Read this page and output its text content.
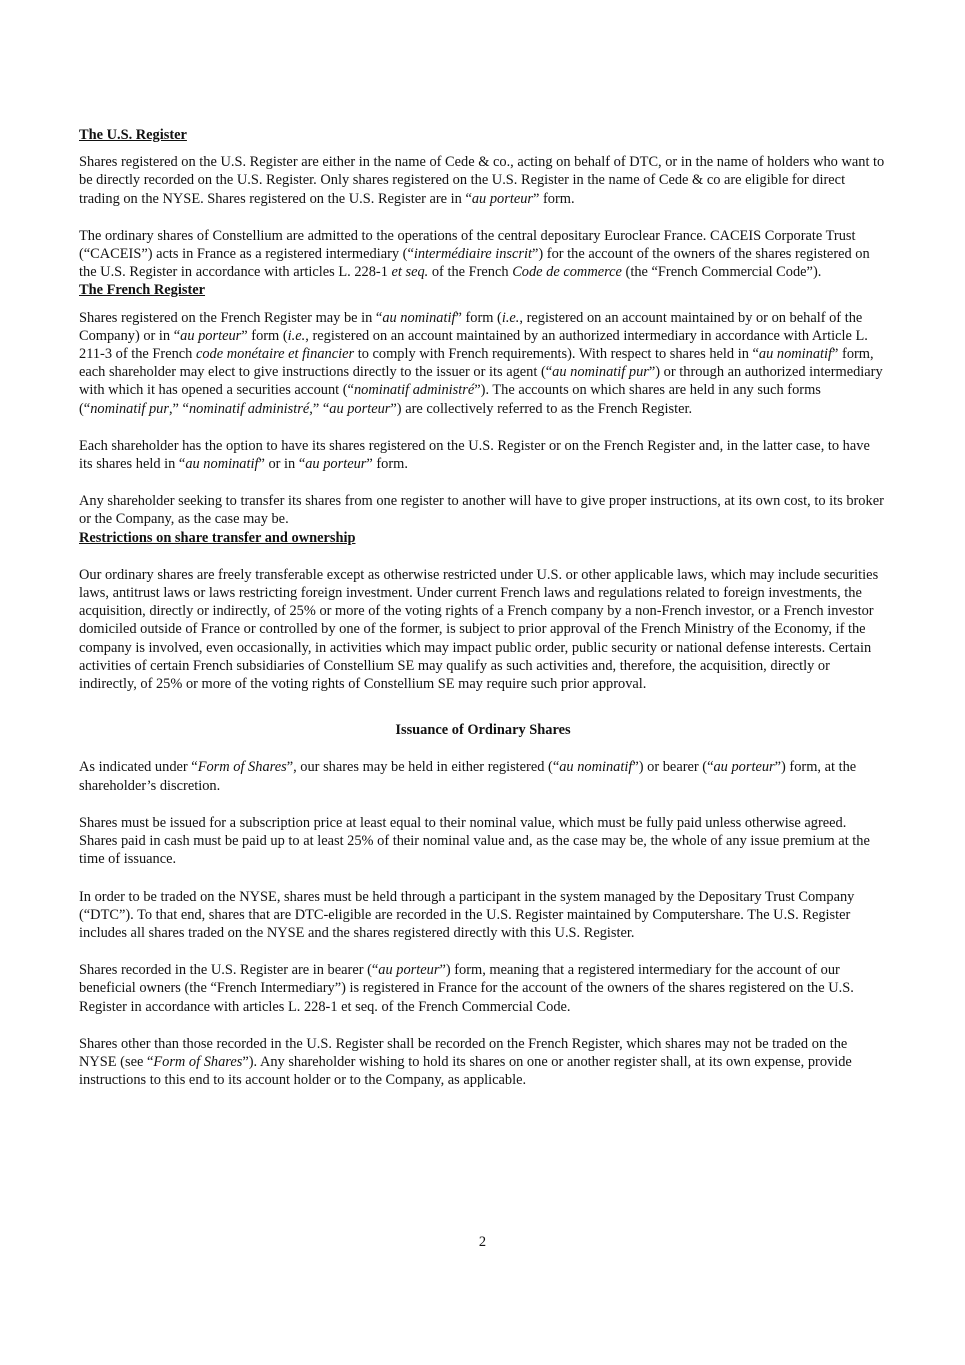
The U.S. Register

Shares registered on the U.S. Register are either in the name of Cede & co., acting on behalf of DTC, or in the name of holders who want to be directly recorded on the U.S. Register. Only shares registered on the U.S. Register in the name of Cede & co are eligible for direct trading on the NYSE. Shares registered on the U.S. Register are in “au porteur” form.

The ordinary shares of Constellium are admitted to the operations of the central depositary Euroclear France. CACEIS Corporate Trust (“CACEIS”) acts in France as a registered intermediary (“intermédiaire inscrit”) for the account of the owners of the shares registered on the U.S. Register in accordance with articles L. 228-1 et seq. of the French Code de commerce (the “French Commercial Code”).

The French Register

Shares registered on the French Register may be in “au nominatif” form (i.e., registered on an account maintained by or on behalf of the Company) or in “au porteur” form (i.e., registered on an account maintained by an authorized intermediary in accordance with Article L. 211-3 of the French code monétaire et financier to comply with French requirements). With respect to shares held in “au nominatif” form, each shareholder may elect to give instructions directly to the issuer or its agent (“au nominatif pur”) or through an authorized intermediary with which it has opened a securities account (“nominatif administré”). The accounts on which shares are held in any such forms (“nominatif pur,” “nominatif administré,” “au porteur”) are collectively referred to as the French Register.

Each shareholder has the option to have its shares registered on the U.S. Register or on the French Register and, in the latter case, to have its shares held in “au nominatif” or in “au porteur” form.

Any shareholder seeking to transfer its shares from one register to another will have to give proper instructions, at its own cost, to its broker or the Company, as the case may be.

Restrictions on share transfer and ownership

Our ordinary shares are freely transferable except as otherwise restricted under U.S. or other applicable laws, which may include securities laws, antitrust laws or laws restricting foreign investment. Under current French laws and regulations related to foreign investments, the acquisition, directly or indirectly, of 25% or more of the voting rights of a French company by a non-French investor, or a French investor domiciled outside of France or controlled by one of the former, is subject to prior approval of the French Ministry of the Economy, if the company is involved, even occasionally, in activities which may impact public order, public security or national defense interests. Certain activities of certain French subsidiaries of Constellium SE may qualify as such activities and, therefore, the acquisition, directly or indirectly, of 25% or more of the voting rights of Constellium SE may require such prior approval.

Issuance of Ordinary Shares

As indicated under “Form of Shares”, our shares may be held in either registered (“au nominatif”) or bearer (“au porteur”) form, at the shareholder’s discretion.

Shares must be issued for a subscription price at least equal to their nominal value, which must be fully paid unless otherwise agreed. Shares paid in cash must be paid up to at least 25% of their nominal value and, as the case may be, the whole of any issue premium at the time of issuance.

In order to be traded on the NYSE, shares must be held through a participant in the system managed by the Depositary Trust Company (“DTC”). To that end, shares that are DTC-eligible are recorded in the U.S. Register maintained by Computershare. The U.S. Register includes all shares traded on the NYSE and the shares registered directly with this U.S. Register.

Shares recorded in the U.S. Register are in bearer (“au porteur”) form, meaning that a registered intermediary for the account of our beneficial owners (the “French Intermediary”) is registered in France for the account of the owners of the shares registered on the U.S. Register in accordance with articles L. 228-1 et seq. of the French Commercial Code.

Shares other than those recorded in the U.S. Register shall be recorded on the French Register, which shares may not be traded on the NYSE (see “Form of Shares”). Any shareholder wishing to hold its shares on one or another register shall, at its own expense, provide instructions to this end to its account holder or to the Company, as applicable.

2
